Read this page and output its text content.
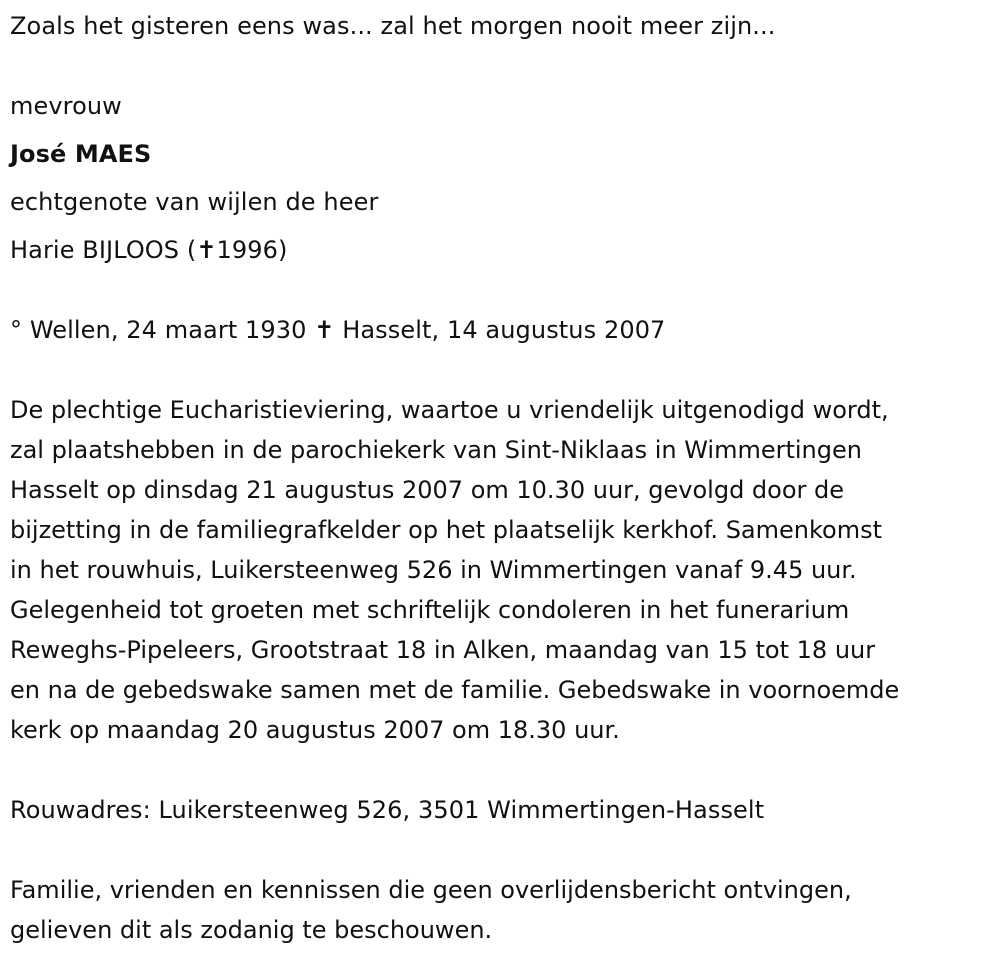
Zoals het gisteren eens was... zal het morgen nooit meer zijn...
mevrouw
José MAES
echtgenote van wijlen de heer
Harie BIJLOOS (✝1996)
° Wellen, 24 maart 1930 ✝ Hasselt, 14 augustus 2007
De plechtige Eucharistieviering, waartoe u vriendelijk uitgenodigd wordt,
zal plaatshebben in de parochiekerk van Sint-Niklaas in Wimmertingen
Hasselt op dinsdag 21 augustus 2007 om 10.30 uur, gevolgd door de
bijzetting in de familiegrafkelder op het plaatselijk kerkhof. Samenkomst
in het rouwhuis, Luikersteenweg 526 in Wimmertingen vanaf 9.45 uur.
Gelegenheid tot groeten met schriftelijk condoleren in het funerarium
Reweghs-Pipeleers, Grootstraat 18 in Alken, maandag van 15 tot 18 uur
en na de gebedswake samen met de familie. Gebedswake in voornoemde
kerk op maandag 20 augustus 2007 om 18.30 uur.
Rouwadres: Luikersteenweg 526, 3501 Wimmertingen-Hasselt
Familie, vrienden en kennissen die geen overlijdensbericht ontvingen,
gelieven dit als zodanig te beschouwen.
